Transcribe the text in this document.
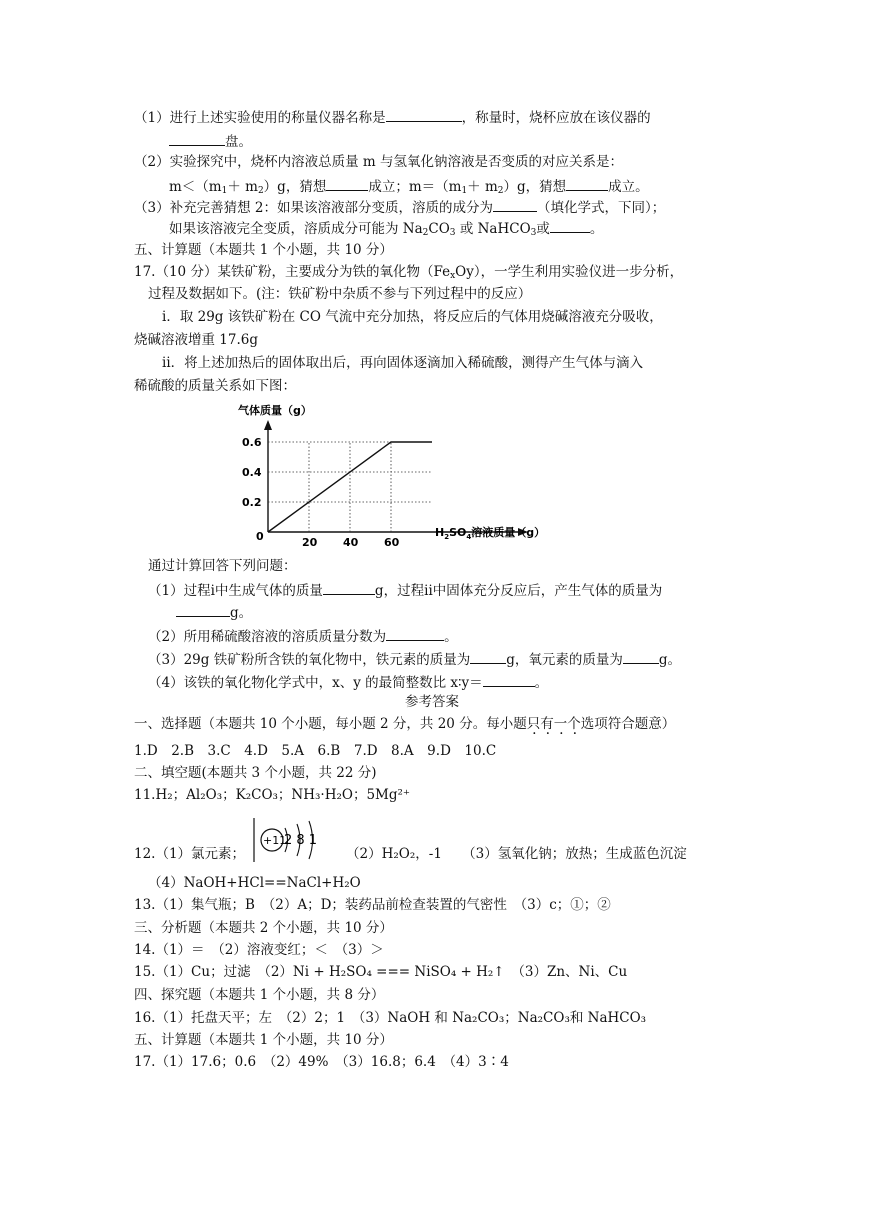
（1）进行上述实验使用的称量仪器名称是	，称量时，烧杯应放在该仪器的
盘。
（2）实验探究中，烧杯内溶液总质量 m 与氢氧化钠溶液是否变质的对应关系是：
$m<(m_1+ m_2)g$，猜想	成立；$m=(m_1+ m_2)g$，猜想	成立。
（3）补充完善猜想 2：如果该溶液部分变质，溶质的成分为	（填化学式，下同）；
如果该溶液完全变质，溶质成分可能为 $Na_2CO_3$ 或 NaHCO$_3$或	。
五、计算题（本题共 1 个小题，共 10 分）
17.（10 分）某铁矿粉，主要成分为铁的氧化物$(Fe_xOy)$，一学生利用实验仪进一步分析，
过程及数据如下。(注：铁矿粉中杂质不参与下列过程中的反应）
ⅰ．取 29g 该铁矿粉在 CO 气流中充分加热，将反应后的气体用烧碱溶液充分吸收，
烧碱溶液增重 17.6g
ⅱ．将上述加热后的固体取出后，再向固体逐滴加入稀硫酸，测得产生气体与滴入
稀硫酸的质量关系如下图：
气体质量（g）
$H_2SO_4$溶液质量（g）
0
0.2
0.4
0.6
20 40 60
通过计算回答下列问题：
（1）过程ⅰ中生成气体的质量	g，过程ⅱ中固体充分反应后，产生气体的质量为
g。
（2）所用稀硫酸溶液的溶质质量分数为	。
（3）29g 铁矿粉所含铁的氧化物中，铁元素的质量为	g，氧元素的质量为	g。
（4）该铁的氧化物化学式中，x、y 的最简整数比 x∶y＝	。
参考答案
一、选择题（本题共 10 个小题，每小题 2 分，共 20 分。每小题只有一个选项符合题意）
1.D　2.B　3.C　4.D　5.A　6.B　7.D　8.A　9.D　10.C
二、填空题(本题共 3 个小题，共 22 分)
11.H₂；Al₂O₃；K₂CO₃；NH₃·H₂O；5Mg²⁺
12.（1）氯元素；
+11
2 8 1
（2）H₂O₂，-1　　（3）氢氧化钠；放热；生成蓝色沉淀
（4）NaOH+HCl==NaCl+H₂O
13.（1）集气瓶；B　（2）A；D；装药品前检查装置的气密性　（3）c；①；②
三、分析题（本题共 2 个小题，共 10 分）
14.（1）＝　（2）溶液变红；＜　（3）＞
15.（1）Cu；过滤　（2）Ni + H₂SO₄ === NiSO₄ + H₂↑　（3）Zn、Ni、Cu
四、探究题（本题共 1 个小题，共 8 分）
16.（1）托盘天平；左　（2）2；1　（3）NaOH 和 Na₂CO₃；Na₂CO₃和 NaHCO₃
五、计算题（本题共 1 个小题，共 10 分）
17.（1）17.6；0.6　（2）49%　（3）16.8；6.4　（4）3∶4
